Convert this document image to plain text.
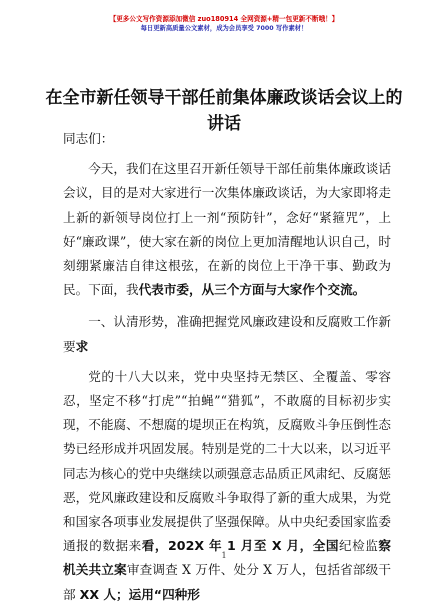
【更多公文写作资源添加微信 zuo180914 全网资源+精一包更新不断哦！】
每日更新高质量公文素材，成为会员享受 7000 写作素材！
在全市新任领导干部任前集体廉政谈话会议上的讲话

同志们：

今天，我们在这里召开新任领导干部任前集体廉政谈话会议，目的是对大家进行一次集体廉政谈话，为大家即将走上新的新领导岗位打上一剂“预防针”，念好“紧箍咒”，上好“廉政课”，使大家在新的岗位上更加清醒地认识自己，时刻绷紧廉洁自律这根弦，在新的岗位上干净干事、勤政为民。下面，我代表市委，从三个方面与大家作个交流。

一、认清形势，准确把握党风廉政建设和反腐败工作新要求

党的十八大以来，党中央坚持无禁区、全覆盖、零容忍，坚定不移“打虎”“拍蝇”“猎狐”，不敢腐的目标初步实现，不能腐、不想腐的堤坝正在构筑，反腐败斗争压倒性态势已经形成并巩固发展。特别是党的二十大以来，以习近平同志为核心的党中央继续以顽强意志品质正风肃纪、反腐惩恶，党风廉政建设和反腐败斗争取得了新的重大成果，为党和国家各项事业发展提供了坚强保障。从中央纪委国家监委通报的数据来看，202X 年 1 月至 X 月，全国纪检监察机关共立案审查调查 X 万件、处分 X 万人，包括省部级干部 XX 人；运用“四种形

1
